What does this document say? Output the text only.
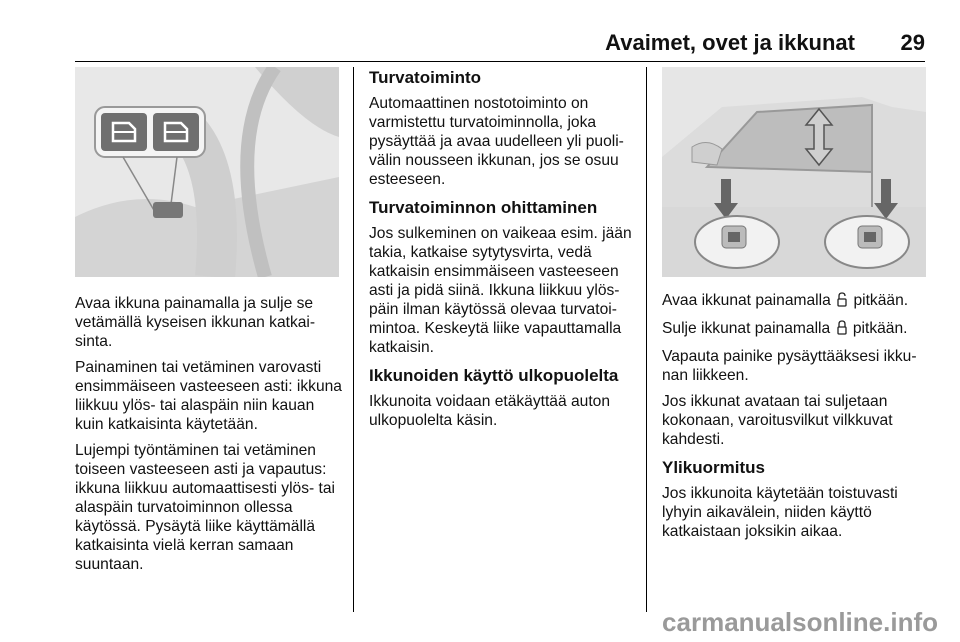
Avaimet, ovet ja ikkunat 29

Avaa ikkuna painamalla ja sulje se vetämällä kyseisen ikkunan katkaisinta.

Painaminen tai vetäminen varovasti ensimmäiseen vasteeseen asti: ikkuna liikkuu ylös- tai alaspäin niin kauan kuin katkaisinta käytetään.

Lujempi työntäminen tai vetäminen toiseen vasteeseen asti ja vapautus: ikkuna liikkuu automaattisesti ylös- tai alaspäin turvatoiminnon ollessa käytössä. Pysäytä liike käyttämällä katkaisinta vielä kerran samaan suuntaan.

Turvatoiminto

Automaattinen nostotoiminto on varmistettu turvatoiminnolla, joka pysäyttää ja avaa uudelleen yli puolivälin nousseen ikkunan, jos se osuu esteeseen.

Turvatoiminnon ohittaminen

Jos sulkeminen on vaikeaa esim. jään takia, katkaise sytytysvirta, vedä katkaisin ensimmäiseen vasteeseen asti ja pidä siinä. Ikkuna liikkuu ylöspäin ilman käytössä olevaa turvatoimintoa. Keskeytä liike vapauttamalla katkaisin.

Ikkunoiden käyttö ulkopuolelta

Ikkunoita voidaan etäkäyttää auton ulkopuolelta käsin.

Avaa ikkunat painamalla pitkään.

Sulje ikkunat painamalla pitkään.

Vapauta painike pysäyttääksesi ikkunan liikkeen.

Jos ikkunat avataan tai suljetaan kokonaan, varoitusvilkut vilkkuvat kahdesti.

Ylikuormitus

Jos ikkunoita käytetään toistuvasti lyhyin aikavälein, niiden käyttö katkaistaan joksikin aikaa.

carmanualsonline.info
